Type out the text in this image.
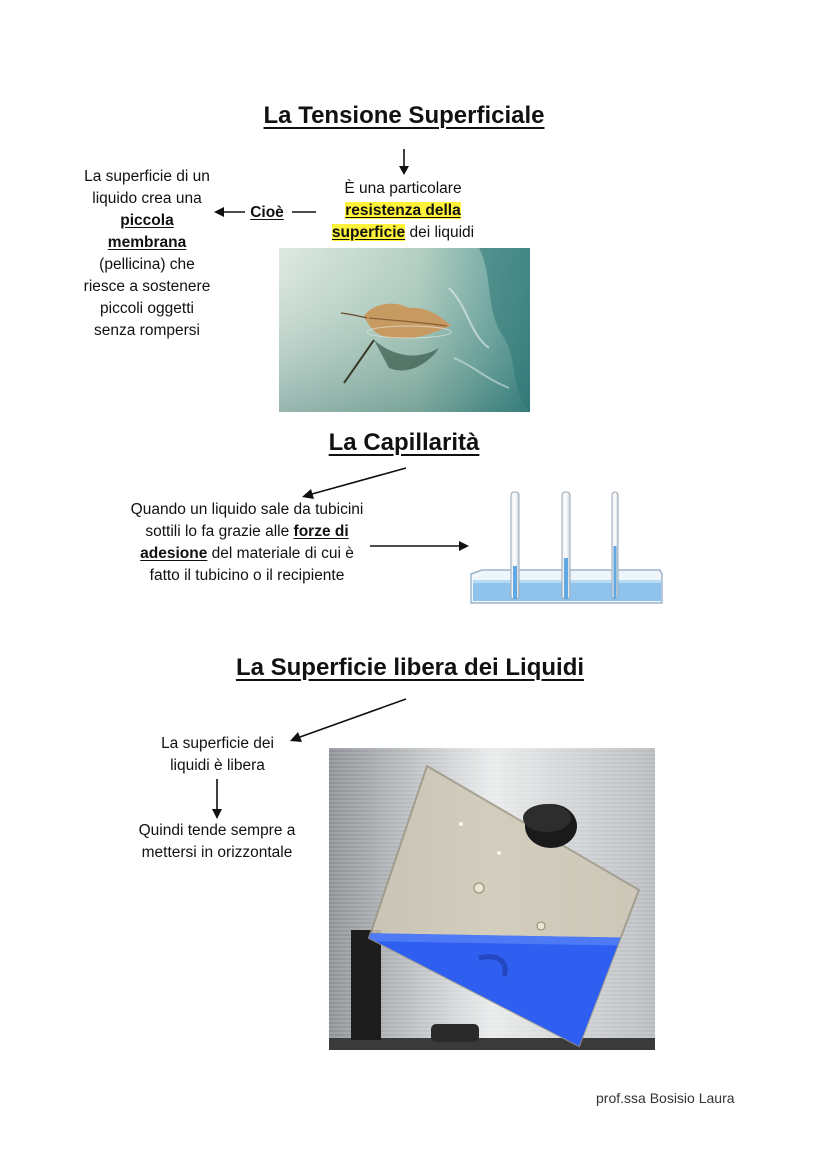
La Tensione Superficiale
È una particolare
resistenza della
superficie dei liquidi
Cioè
La superficie di un
liquido crea una
piccola
membrana
(pellicina) che
riesce a sostenere
piccoli oggetti
senza rompersi
La Capillarità
Quando un liquido sale da tubicini
sottili lo fa grazie alle forze di
adesione del materiale di cui è
fatto il tubicino o il recipiente
La Superficie libera dei Liquidi
La superficie dei
liquidi è libera
Quindi tende sempre a
mettersi in orizzontale
prof.ssa Bosisio Laura
